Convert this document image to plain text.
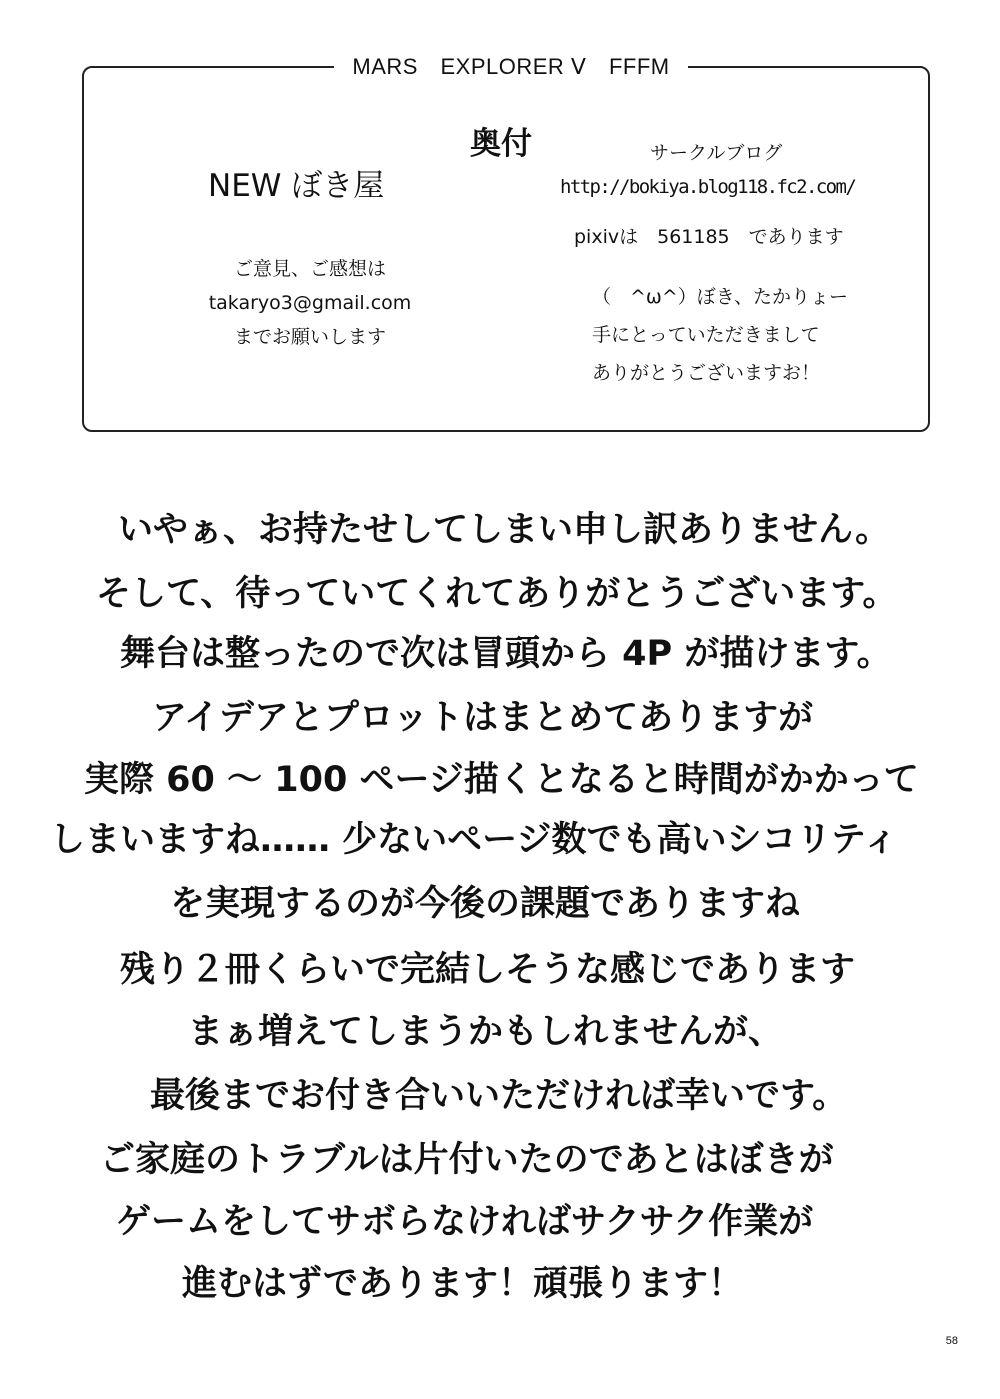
MARS　EXPLORER Ⅴ　FFFM
奥付
NEW ぼき屋
ご意見、ご感想は
takaryo3@gmail.com
までお願いします
サークルブログ
http://bokiya.blog118.fc2.com/
pixivは　561185　であります
（　^ω^）ぼき、たかりょー
手にとっていただきまして
ありがとうございますお！
いやぁ、お持たせしてしまい申し訳ありません。
そして、待っていてくれてありがとうございます。
舞台は整ったので次は冒頭から 4P が描けます。
アイデアとプロットはまとめてありますが
実際 60 ～ 100 ページ描くとなると時間がかかって
しまいますね…… 少ないページ数でも高いシコリティ
を実現するのが今後の課題でありますね
残り２冊くらいで完結しそうな感じであります
まぁ増えてしまうかもしれませんが、
最後までお付き合いいただければ幸いです。
ご家庭のトラブルは片付いたのであとはぼきが
ゲームをしてサボらなければサクサク作業が
進むはずであります！頑張ります！
58
